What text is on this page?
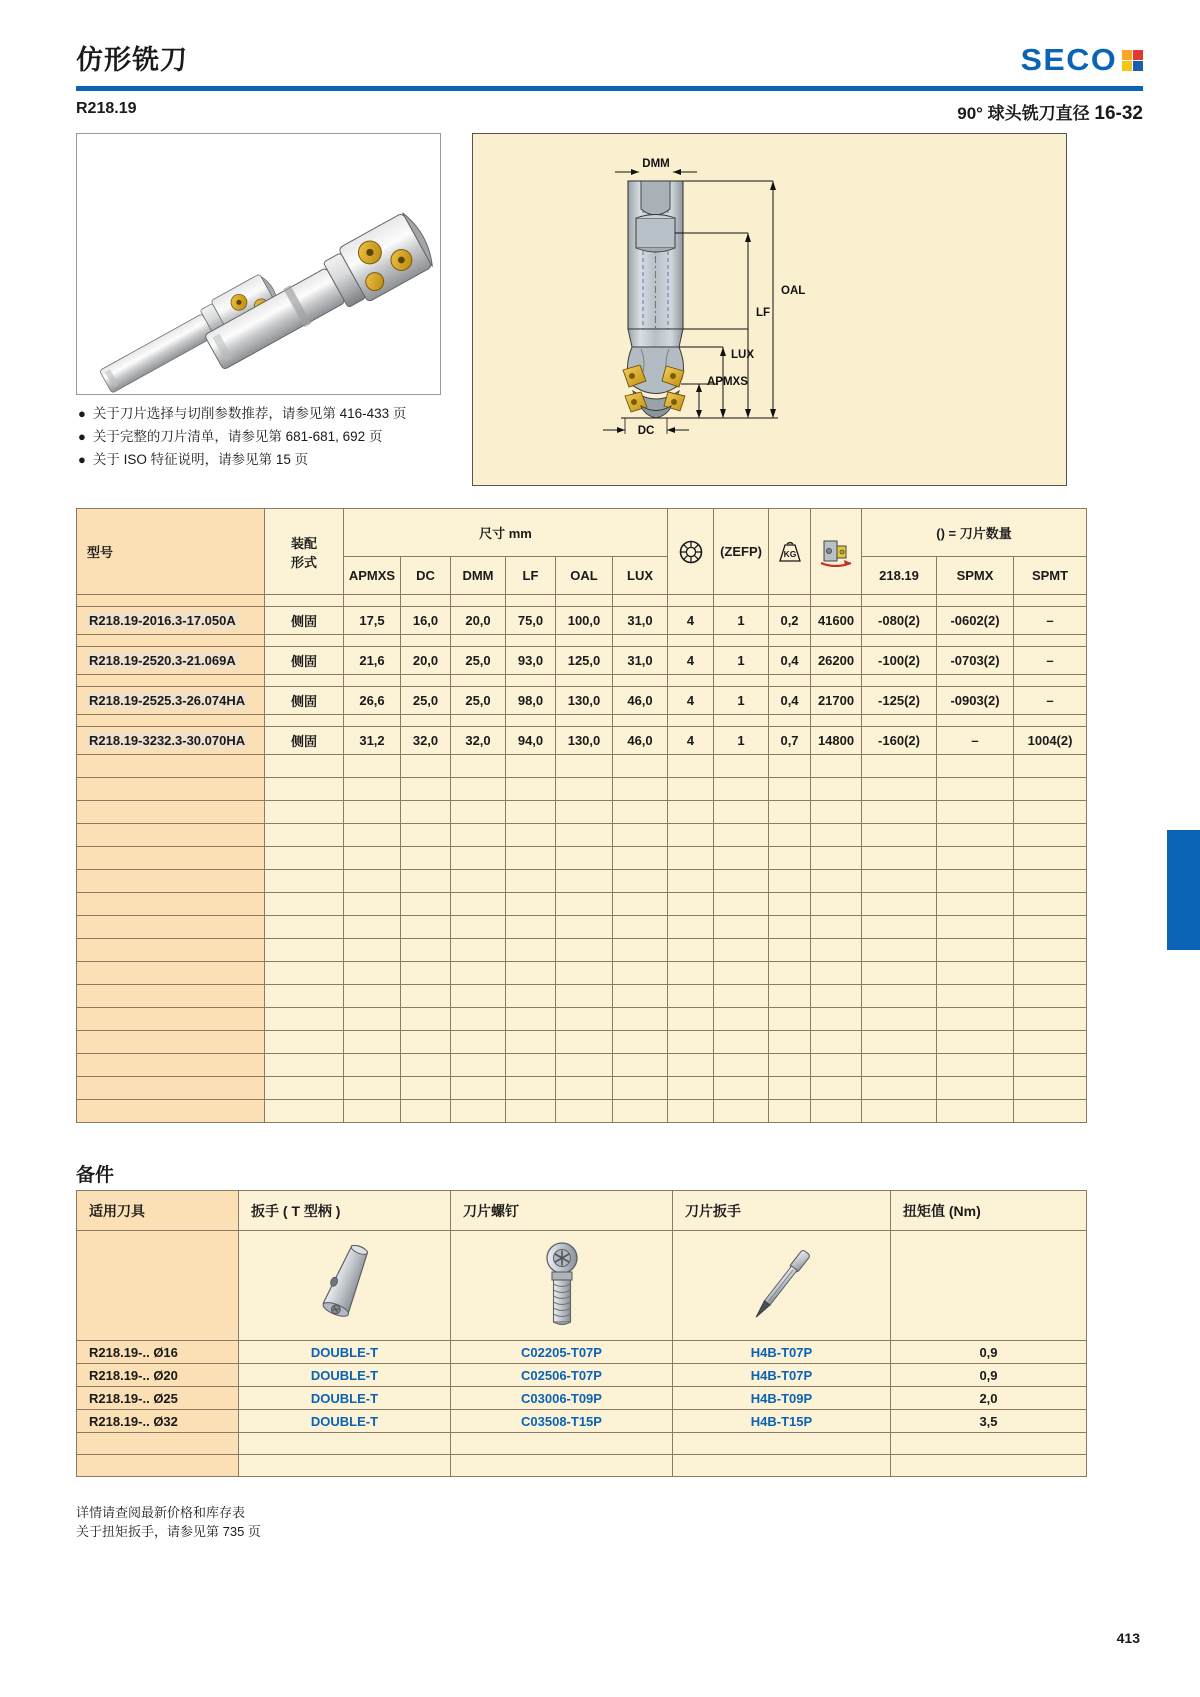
仿形铣刀	SECO
R218.19	90° 球头铣刀直径 16-32
● 关于刀片选择与切削参数推荐，请参见第 416-433 页
● 关于完整的刀片清单，请参见第 681-681, 692 页
● 关于 ISO 特征说明，请参见第 15 页
DMM
OAL
LF
LUX
APMXS
DC
型号	装配
形式	尺寸 mm							(ZEFP)	KG		() = 刀片数量		
		APMXS	DC	DMM	LF	OAL	LUX					218.19	SPMX	SPMT

R218.19-2016.3-17.050A	侧固	17,5	16,0	20,0	75,0	100,0	31,0	4	1	0,2	41600	-080(2)	-0602(2)	–

R218.19-2520.3-21.069A	侧固	21,6	20,0	25,0	93,0	125,0	31,0	4	1	0,4	26200	-100(2)	-0703(2)	–

R218.19-2525.3-26.074HA	侧固	26,6	25,0	25,0	98,0	130,0	46,0	4	1	0,4	21700	-125(2)	-0903(2)	–

R218.19-3232.3-30.070HA	侧固	31,2	32,0	32,0	94,0	130,0	46,0	4	1	0,7	14800	-160(2)	–	1004(2)

备件
适用刀具	扳手 ( T 型柄 )	刀片螺钉	刀片扳手	扭矩值 (Nm)

R218.19-.. Ø16	DOUBLE-T	C02205-T07P	H4B-T07P	0,9
R218.19-.. Ø20	DOUBLE-T	C02506-T07P	H4B-T07P	0,9
R218.19-.. Ø25	DOUBLE-T	C03006-T09P	H4B-T09P	2,0
R218.19-.. Ø32	DOUBLE-T	C03508-T15P	H4B-T15P	3,5

详情请查阅最新价格和库存表
关于扭矩扳手，请参见第 735 页
413
